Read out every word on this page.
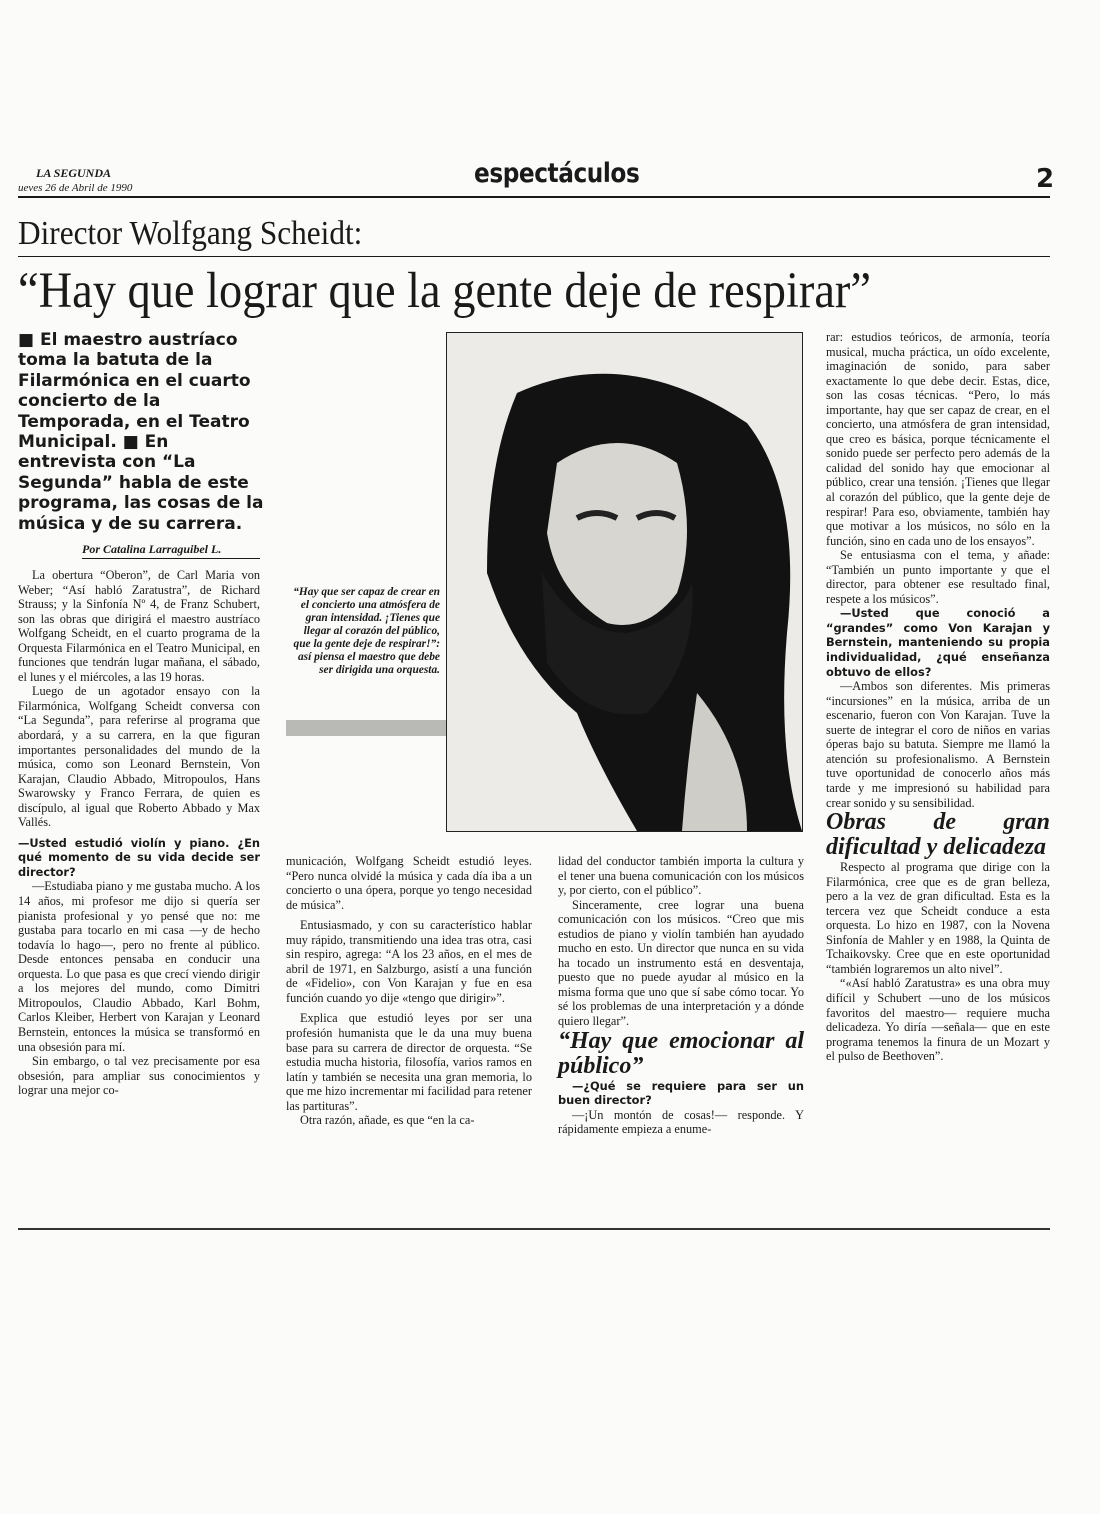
LA SEGUNDA
ueves 26 de Abril de 1990	espectáculos	2
Director Wolfgang Scheidt:
“Hay que lograr que la gente deje de respirar”
■ El maestro austríaco toma la batuta de la Filarmónica en el cuarto concierto de la Temporada, en el Teatro Municipal. ■ En entrevista con “La Segunda” habla de este programa, las cosas de la música y de su carrera.
Por Catalina Larraguibel L.
“Hay que ser capaz de crear en el concierto una atmósfera de gran intensidad. ¡Tienes que llegar al corazón del público, que la gente deje de respirar!”: así piensa el maestro que debe ser dirigida una orquesta.

La obertura “Oberon”, de Carl Maria von Weber; “Así habló Zaratustra”, de Richard Strauss; y la Sinfonía Nº 4, de Franz Schubert, son las obras que dirigirá el maestro austríaco Wolfgang Scheidt, en el cuarto programa de la Orquesta Filarmónica en el Teatro Municipal, en funciones que tendrán lugar mañana, el sábado, el lunes y el miércoles, a las 19 horas.

Luego de un agotador ensayo con la Filarmónica, Wolfgang Scheidt conversa con “La Segunda”, para referirse al programa que abordará, y a su carrera, en la que figuran importantes personalidades del mundo de la música, como son Leonard Bernstein, Von Karajan, Claudio Abbado, Mitropoulos, Hans Swarowsky y Franco Ferrara, de quien es discípulo, al igual que Roberto Abbado y Max Vallés.

—Usted estudió violín y piano. ¿En qué momento de su vida decide ser director?

—Estudiaba piano y me gustaba mucho. A los 14 años, mi profesor me dijo si quería ser pianista profesional y yo pensé que no: me gustaba para tocarlo en mi casa —y de hecho todavía lo hago—, pero no frente al público. Desde entonces pensaba en conducir una orquesta. Lo que pasa es que crecí viendo dirigir a los mejores del mundo, como Dimitri Mitropoulos, Claudio Abbado, Karl Bohm, Carlos Kleiber, Herbert von Karajan y Leonard Bernstein, entonces la música se transformó en una obsesión para mí.

Sin embargo, o tal vez precisamente por esa obsesión, para ampliar sus conocimientos y lograr una mejor co-

municación, Wolfgang Scheidt estudió leyes. “Pero nunca olvidé la música y cada día iba a un concierto o una ópera, porque yo tengo necesidad de música”.

Entusiasmado, y con su característico hablar muy rápido, transmitiendo una idea tras otra, casi sin respiro, agrega: “A los 23 años, en el mes de abril de 1971, en Salzburgo, asistí a una función de «Fidelio», con Von Karajan y fue en esa función cuando yo dije «tengo que dirigir»”.

Explica que estudió leyes por ser una profesión humanista que le da una muy buena base para su carrera de director de orquesta. “Se estudia mucha historia, filosofía, varios ramos en latín y también se necesita una gran memoria, lo que me hizo incrementar mi facilidad para retener las partituras”.

Otra razón, añade, es que “en la ca-

lidad del conductor también importa la cultura y el tener una buena comunicación con los músicos y, por cierto, con el público”.

Sinceramente, cree lograr una buena comunicación con los músicos. “Creo que mis estudios de piano y violín también han ayudado mucho en esto. Un director que nunca en su vida ha tocado un instrumento está en desventaja, puesto que no puede ayudar al músico en la misma forma que uno que sí sabe cómo tocar. Yo sé los problemas de una interpretación y a dónde quiero llegar”.

“Hay que emocionar al público”

—¿Qué se requiere para ser un buen director?

—¡Un montón de cosas!— responde. Y rápidamente empieza a enume-

rar: estudios teóricos, de armonía, teoría musical, mucha práctica, un oído excelente, imaginación de sonido, para saber exactamente lo que debe decir. Estas, dice, son las cosas técnicas. “Pero, lo más importante, hay que ser capaz de crear, en el concierto, una atmósfera de gran intensidad, que creo es básica, porque técnicamente el sonido puede ser perfecto pero además de la calidad del sonido hay que emocionar al público, crear una tensión. ¡Tienes que llegar al corazón del público, que la gente deje de respirar! Para eso, obviamente, también hay que motivar a los músicos, no sólo en la función, sino en cada uno de los ensayos”.

Se entusiasma con el tema, y añade: “También un punto importante y que el director, para obtener ese resultado final, respete a los músicos”.

—Usted que conoció a “grandes” como Von Karajan y Bernstein, manteniendo su propia individualidad, ¿qué enseñanza obtuvo de ellos?

—Ambos son diferentes. Mis primeras “incursiones” en la música, arriba de un escenario, fueron con Von Karajan. Tuve la suerte de integrar el coro de niños en varias óperas bajo su batuta. Siempre me llamó la atención su profesionalismo. A Bernstein tuve oportunidad de conocerlo años más tarde y me impresionó su habilidad para crear sonido y su sensibilidad.

Obras de gran dificultad y delicadeza

Respecto al programa que dirige con la Filarmónica, cree que es de gran belleza, pero a la vez de gran dificultad. Esta es la tercera vez que Scheidt conduce a esta orquesta. Lo hizo en 1987, con la Novena Sinfonía de Mahler y en 1988, la Quinta de Tchaikovsky. Cree que en este oportunidad “también lograremos un alto nivel”.

“«Así habló Zaratustra» es una obra muy difícil y Schubert —uno de los músicos favoritos del maestro— requiere mucha delicadeza. Yo diría —señala— que en este programa tenemos la finura de un Mozart y el pulso de Beethoven”.
